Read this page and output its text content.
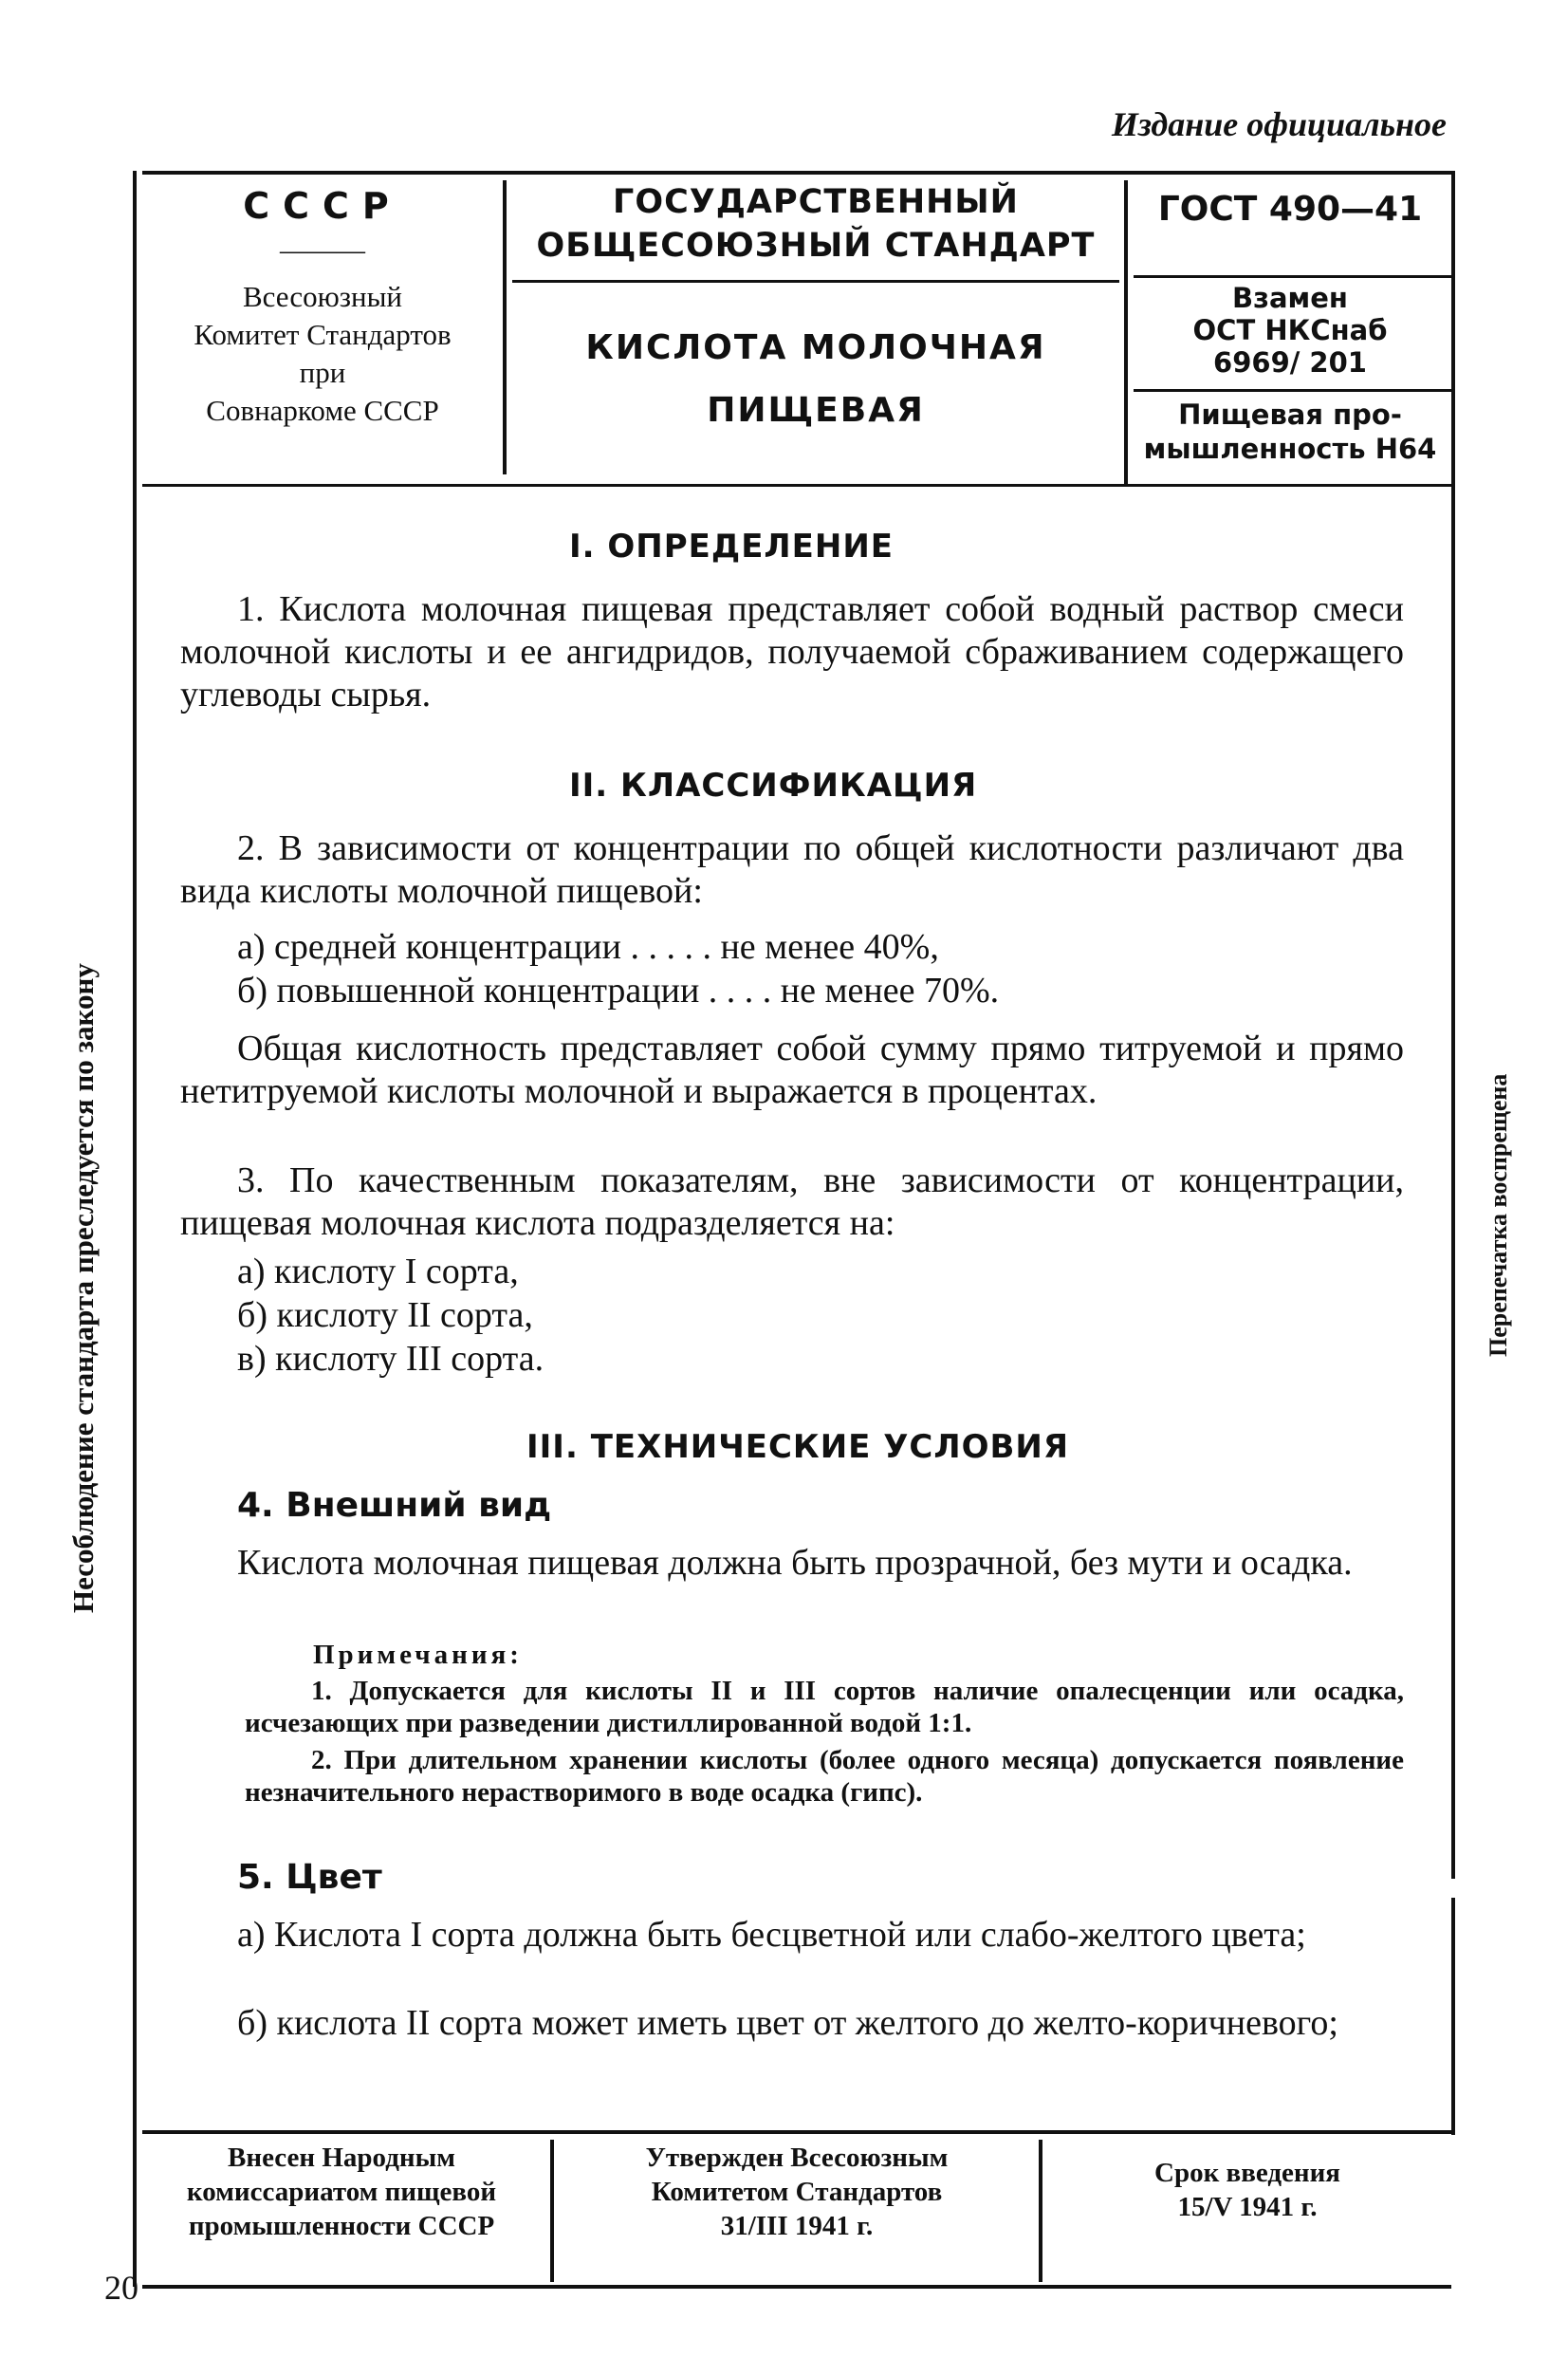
Издание официальное
СССР
———
Всесоюзный
Комитет Стандартов
при
Совнаркоме СССР
ГОСУДАРСТВЕННЫЙ
ОБЩЕСОЮЗНЫЙ СТАНДАРТ
КИСЛОТА МОЛОЧНАЯ
ПИЩЕВАЯ
ГОСТ 490—41
Взамен
ОСТ НКСнаб
6969/ 201
Пищевая про-
мышленность Н64
I. ОПРЕДЕЛЕНИЕ
1. Кислота молочная пищевая представляет собой водный раствор смеси молочной кислоты и ее ангидридов, получаемой сбраживанием содержащего углеводы сырья.
II. КЛАССИФИКАЦИЯ
2. В зависимости от концентрации по общей кислотности различают два вида кислоты молочной пищевой:
а) средней концентрации . . . . . не менее 40%,
б) повышенной концентрации . . . . не менее 70%.
Общая кислотность представляет собой сумму прямо титруемой и прямо нетитруемой кислоты молочной и выражается в процентах.
3. По качественным показателям, вне зависимости от концентрации, пищевая молочная кислота подразделяется на:
а) кислоту I сорта,
б) кислоту II сорта,
в) кислоту III сорта.
III. ТЕХНИЧЕСКИЕ УСЛОВИЯ
4. Внешний вид
Кислота молочная пищевая должна быть прозрачной, без мути и осадка.
Примечания:
1. Допускается для кислоты II и III сортов наличие опалесценции или осадка, исчезающих при разведении дистиллированной водой 1:1.
2. При длительном хранении кислоты (более одного месяца) допускается появление незначительного нерастворимого в воде осадка (гипс).
5. Цвет
а) Кислота I сорта должна быть бесцветной или слабо-желтого цвета;
б) кислота II сорта может иметь цвет от желтого до желто-коричневого;
Внесен Народным
комиссариатом пищевой
промышленности СССР
Утвержден Всесоюзным
Комитетом Стандартов
31/III 1941 г.
Срок введения
15/V 1941 г.
Несоблюдение стандарта преследуется по закону	Перепечатка воспрещена
20
